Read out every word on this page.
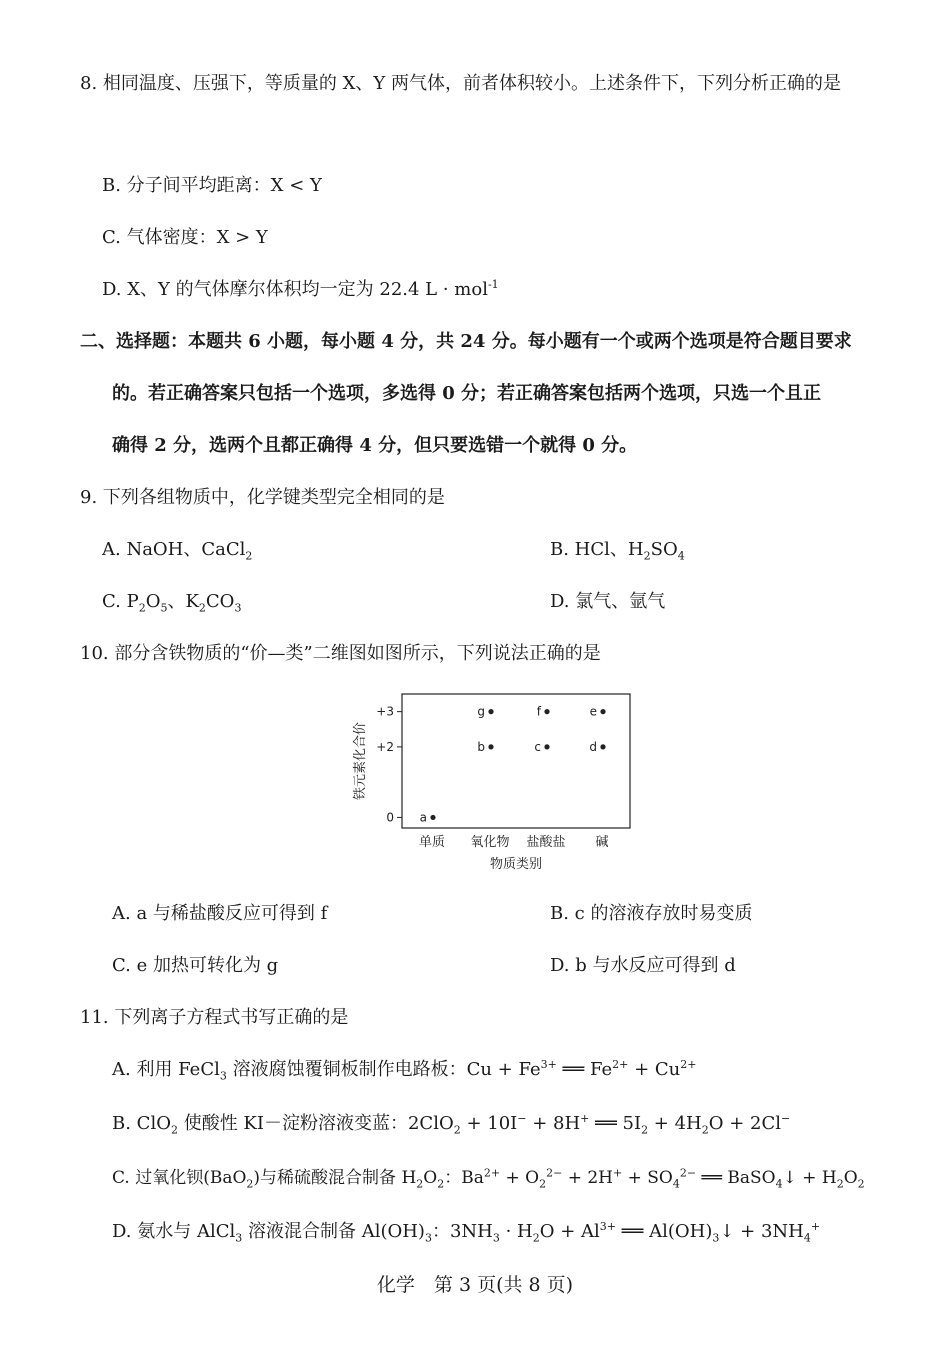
8. 相同温度、压强下，等质量的 X、Y 两气体，前者体积较小。上述条件下，下列分析正确的是
B. 分子间平均距离：X < Y
C. 气体密度：X > Y
D. X、Y 的气体摩尔体积均一定为 22.4 L · mol$^{-1}$
二、选择题：本题共 6 小题，每小题 4 分，共 24 分。每小题有一个或两个选项是符合题目要求
的。若正确答案只包括一个选项，多选得 0 分；若正确答案包括两个选项，只选一个且正
确得 2 分，选两个且都正确得 4 分，但只要选错一个就得 0 分。
9. 下列各组物质中，化学键类型完全相同的是
A. NaOH、CaCl$_2$	B. HCl、$H_2SO_4$
C. $P_2O_5$、$K_2CO_3$	D. 氯气、氩气
10. 部分含铁物质的“价—类”二维图如图所示，下列说法正确的是
0
+2
+3
单质 氧化物 盐酸盐 碱
物质类别
铁元素化合价
a
b
g
c
f
d
e
A. a 与稀盐酸反应可得到 f	B. c 的溶液存放时易变质
C. e 加热可转化为 g	D. b 与水反应可得到 d
11. 下列离子方程式书写正确的是
A. 利用 FeCl$_3$ 溶液腐蚀覆铜板制作电路板：$Cu + Fe^{3+}$ ══ $Fe^{2+} + Cu^{2+}$
B. ClO$_2$ 使酸性 KI－淀粉溶液变蓝：2ClO$_2$ + 10I− + 8H+ ══ $5I_2 + 4H_2O + 2Cl^-$
C. 过氧化钡(BaO$_2$)与稀硫酸混合制备 $H_2O_2$：$Ba^{2+} + O_2^{2-} + 2H^+ + SO_4^{2-}$ ══ BaSO$_4$↓ + $H_2O_2$
D. 氨水与 AlCl$_3$ 溶液混合制备 $Al(OH)_3$：$3NH_3 \cdot H_2O + Al^{3+}$ ══ $Al(OH)_3↓ + 3NH_4^+$
化学　第 3 页(共 8 页)
